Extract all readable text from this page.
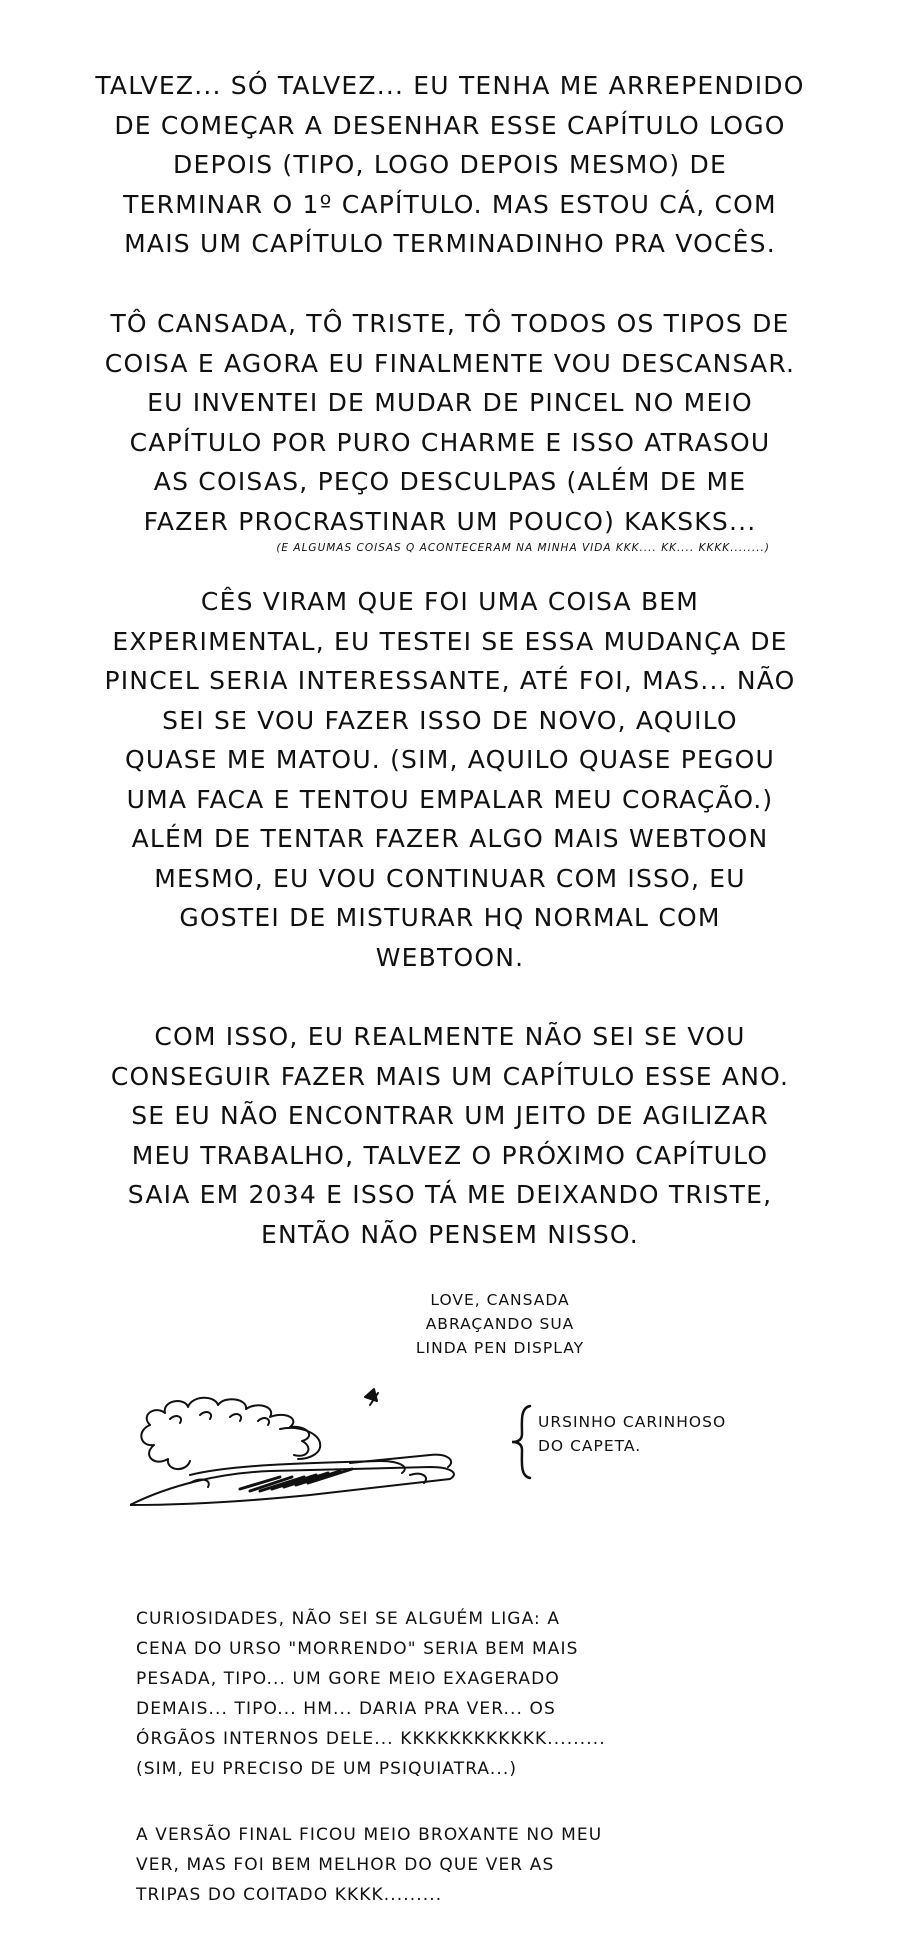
TALVEZ... SÓ TALVEZ... EU TENHA ME ARREPENDIDO
DE COMEÇAR A DESENHAR ESSE CAPÍTULO LOGO
DEPOIS (TIPO, LOGO DEPOIS MESMO) DE
TERMINAR O 1º CAPÍTULO. MAS ESTOU CÁ, COM
MAIS UM CAPÍTULO TERMINADINHO PRA VOCÊS.
TÔ CANSADA, TÔ TRISTE, TÔ TODOS OS TIPOS DE
COISA E AGORA EU FINALMENTE VOU DESCANSAR.
EU INVENTEI DE MUDAR DE PINCEL NO MEIO
CAPÍTULO POR PURO CHARME E ISSO ATRASOU
AS COISAS, PEÇO DESCULPAS (ALÉM DE ME
FAZER PROCRASTINAR UM POUCO) KAKSKS...
(E ALGUMAS COISAS Q ACONTECERAM NA MINHA VIDA KKK.... KK.... KKKK........)
CÊS VIRAM QUE FOI UMA COISA BEM
EXPERIMENTAL, EU TESTEI SE ESSA MUDANÇA DE
PINCEL SERIA INTERESSANTE, ATÉ FOI, MAS... NÃO
SEI SE VOU FAZER ISSO DE NOVO, AQUILO
QUASE ME MATOU. (SIM, AQUILO QUASE PEGOU
UMA FACA E TENTOU EMPALAR MEU CORAÇÃO.)
ALÉM DE TENTAR FAZER ALGO MAIS WEBTOON
MESMO, EU VOU CONTINUAR COM ISSO, EU
GOSTEI DE MISTURAR HQ NORMAL COM
WEBTOON.
COM ISSO, EU REALMENTE NÃO SEI SE VOU
CONSEGUIR FAZER MAIS UM CAPÍTULO ESSE ANO.
SE EU NÃO ENCONTRAR UM JEITO DE AGILIZAR
MEU TRABALHO, TALVEZ O PRÓXIMO CAPÍTULO
SAIA EM 2034 E ISSO TÁ ME DEIXANDO TRISTE,
ENTÃO NÃO PENSEM NISSO.
LOVE, CANSADA
ABRAÇANDO SUA
LINDA PEN DISPLAY
URSINHO CARINHOSO
DO CAPETA.
CURIOSIDADES, NÃO SEI SE ALGUÉM LIGA: A
CENA DO URSO "MORRENDO" SERIA BEM MAIS
PESADA, TIPO... UM GORE MEIO EXAGERADO
DEMAIS... TIPO... HM... DARIA PRA VER... OS
ÓRGÃOS INTERNOS DELE... KKKKKKKKKKKK.........
(SIM, EU PRECISO DE UM PSIQUIATRA...)
A VERSÃO FINAL FICOU MEIO BROXANTE NO MEU
VER, MAS FOI BEM MELHOR DO QUE VER AS
TRIPAS DO COITADO KKKK.........
